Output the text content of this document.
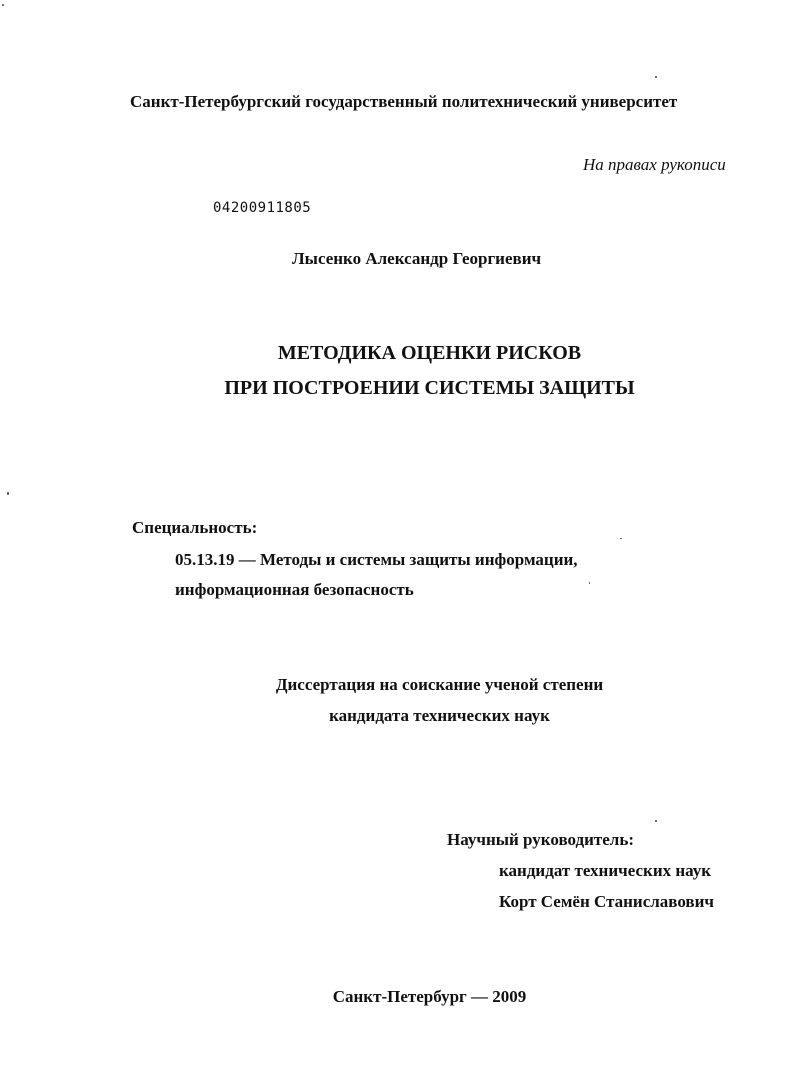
Санкт-Петербургский государственный политехнический университет
На правах рукописи
04200911805
Лысенко Александр Георгиевич
МЕТОДИКА ОЦЕНКИ РИСКОВ
ПРИ ПОСТРОЕНИИ СИСТЕМЫ ЗАЩИТЫ
Специальность:
05.13.19 — Методы и системы защиты информации,
информационная безопасность
Диссертация на соискание ученой степени
кандидата технических наук
Научный руководитель:
кандидат технических наук
Корт Семён Станиславович
Санкт-Петербург — 2009
